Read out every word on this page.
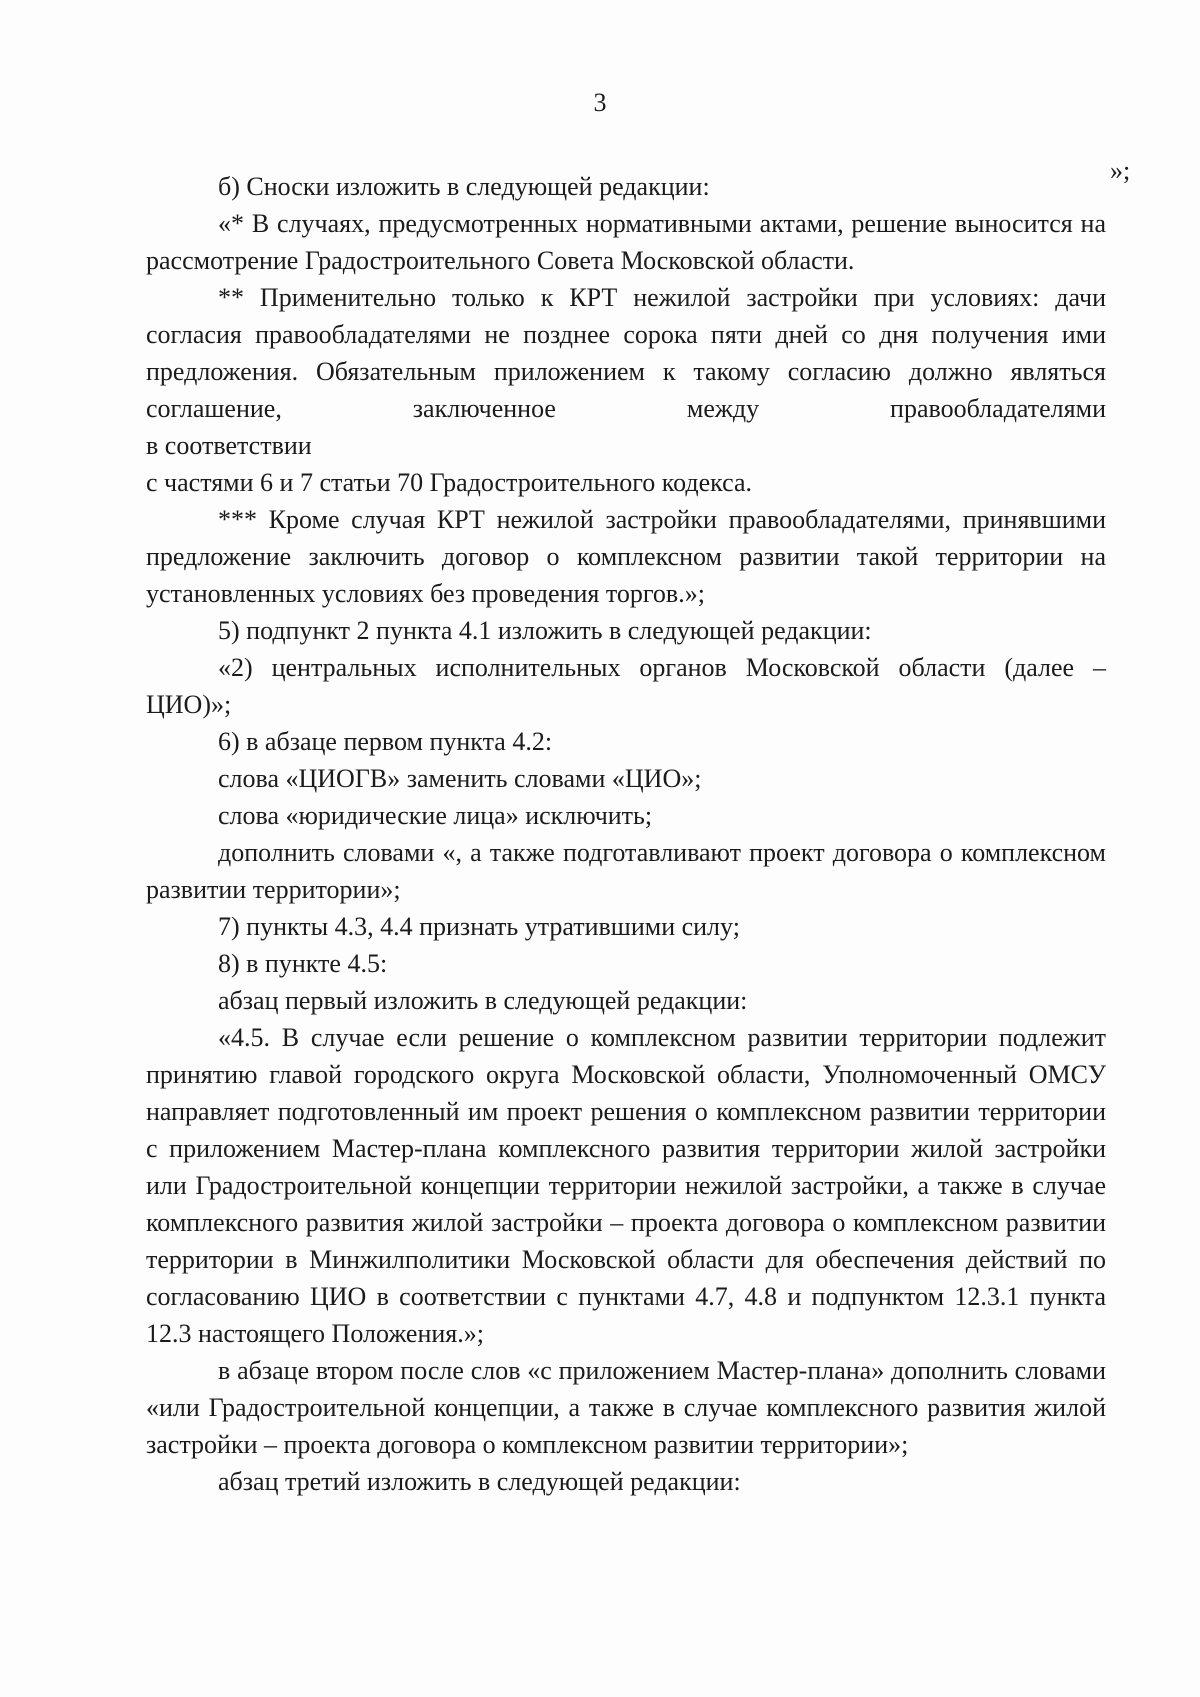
3
»;

б) Сноски изложить в следующей редакции:

«* В случаях, предусмотренных нормативными актами, решение выносится на рассмотрение Градостроительного Совета Московской области.

** Применительно только к КРТ нежилой застройки при условиях: дачи согласия правообладателями не позднее сорока пяти дней со дня получения ими предложения. Обязательным приложением к такому согласию должно являться соглашение, заключенное между правообладателями

в соответствии

с частями 6 и 7 статьи 70 Градостроительного кодекса.

*** Кроме случая КРТ нежилой застройки правообладателями, принявшими предложение заключить договор о комплексном развитии такой территории на установленных условиях без проведения торгов.»;

5) подпункт 2 пункта 4.1 изложить в следующей редакции:

«2) центральных исполнительных органов Московской области (далее – ЦИО)»;

6) в абзаце первом пункта 4.2:

слова «ЦИОГВ» заменить словами «ЦИО»;

слова «юридические лица» исключить;

дополнить словами «, а также подготавливают проект договора о комплексном развитии территории»;

7) пункты 4.3, 4.4 признать утратившими силу;

8) в пункте 4.5:

абзац первый изложить в следующей редакции:

«4.5. В случае если решение о комплексном развитии территории подлежит принятию главой городского округа Московской области, Уполномоченный ОМСУ направляет подготовленный им проект решения о комплексном развитии территории с приложением Мастер-плана комплексного развития территории жилой застройки или Градостроительной концепции территории нежилой застройки, а также в случае комплексного развития жилой застройки – проекта договора о комплексном развитии территории в Минжилполитики Московской области для обеспечения действий по согласованию ЦИО в соответствии с пунктами 4.7, 4.8 и подпунктом 12.3.1 пункта 12.3 настоящего Положения.»;

в абзаце втором после слов «с приложением Мастер-плана» дополнить словами «или Градостроительной концепции, а также в случае комплексного развития жилой застройки – проекта договора о комплексном развитии территории»;

абзац третий изложить в следующей редакции:
